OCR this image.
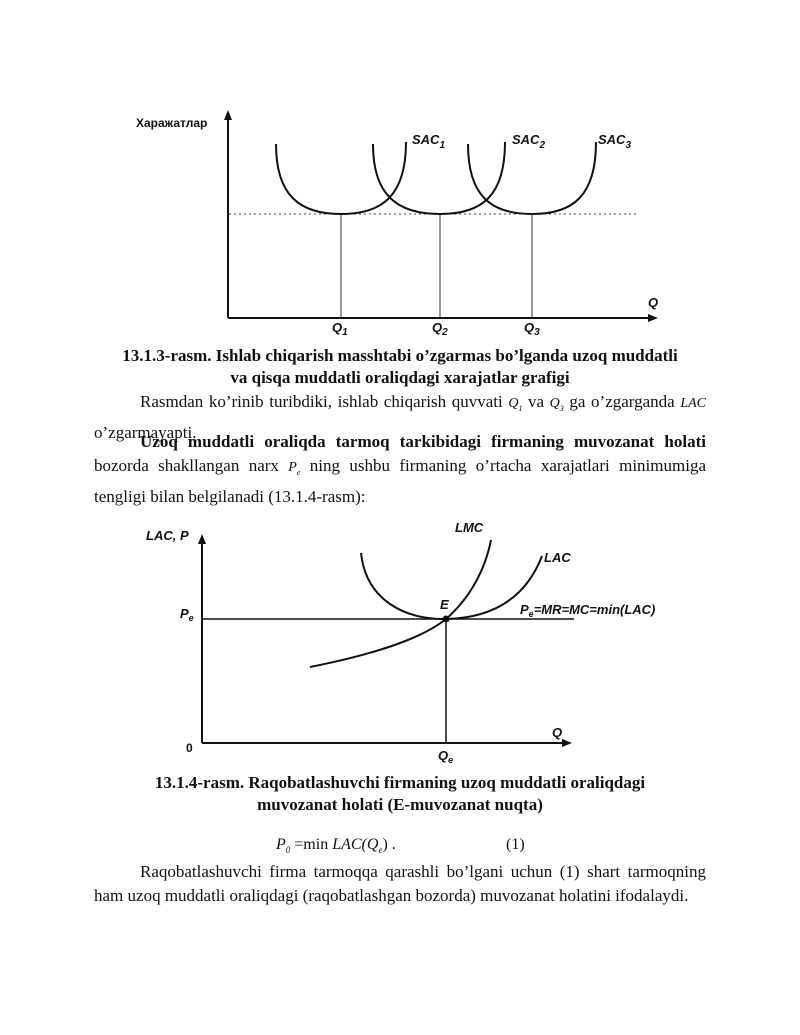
Харажатлар
Q
$SAC_1$	$SAC_2$	$SAC_3$
$Q_1$	$Q_2$	$Q_3$
13.1.3-rasm. Ishlab chiqarish masshtabi o’zgarmas bo’lganda uzoq muddatli
va qisqa muddatli oraliqdagi xarajatlar grafigi

Rasmdan ko’rinib turibdiki, ishlab chiqarish quvvati $Q_1$ va $Q_3$ ga o’zgarganda LAC o’zgarmayapti.

Uzoq muddatli oraliqda tarmoq tarkibidagi firmaning muvozanat holati bozorda shakllangan narx $P_e$ ning ushbu firmaning o’rtacha xarajatlari minimumiga tengligi bilan belgilanadi (13.1.4-rasm):

LAC, P
Q
0
$P_e$
LAC
LMC
E	$P_e=MR=MC=\min(LAC)$
$Q_e$
13.1.4-rasm. Raqobatlashuvchi firmaning uzoq muddatli oraliqdagi
muvozanat holati (E-muvozanat nuqta)
$P_0 =\min$ $LAC(Q_e)$ .	(1)

Raqobatlashuvchi firma tarmoqqa qarashli bo’lgani uchun (1) shart tarmoqning ham uzoq muddatli oraliqdagi (raqobatlashgan bozorda) muvozanat holatini ifodalaydi.
